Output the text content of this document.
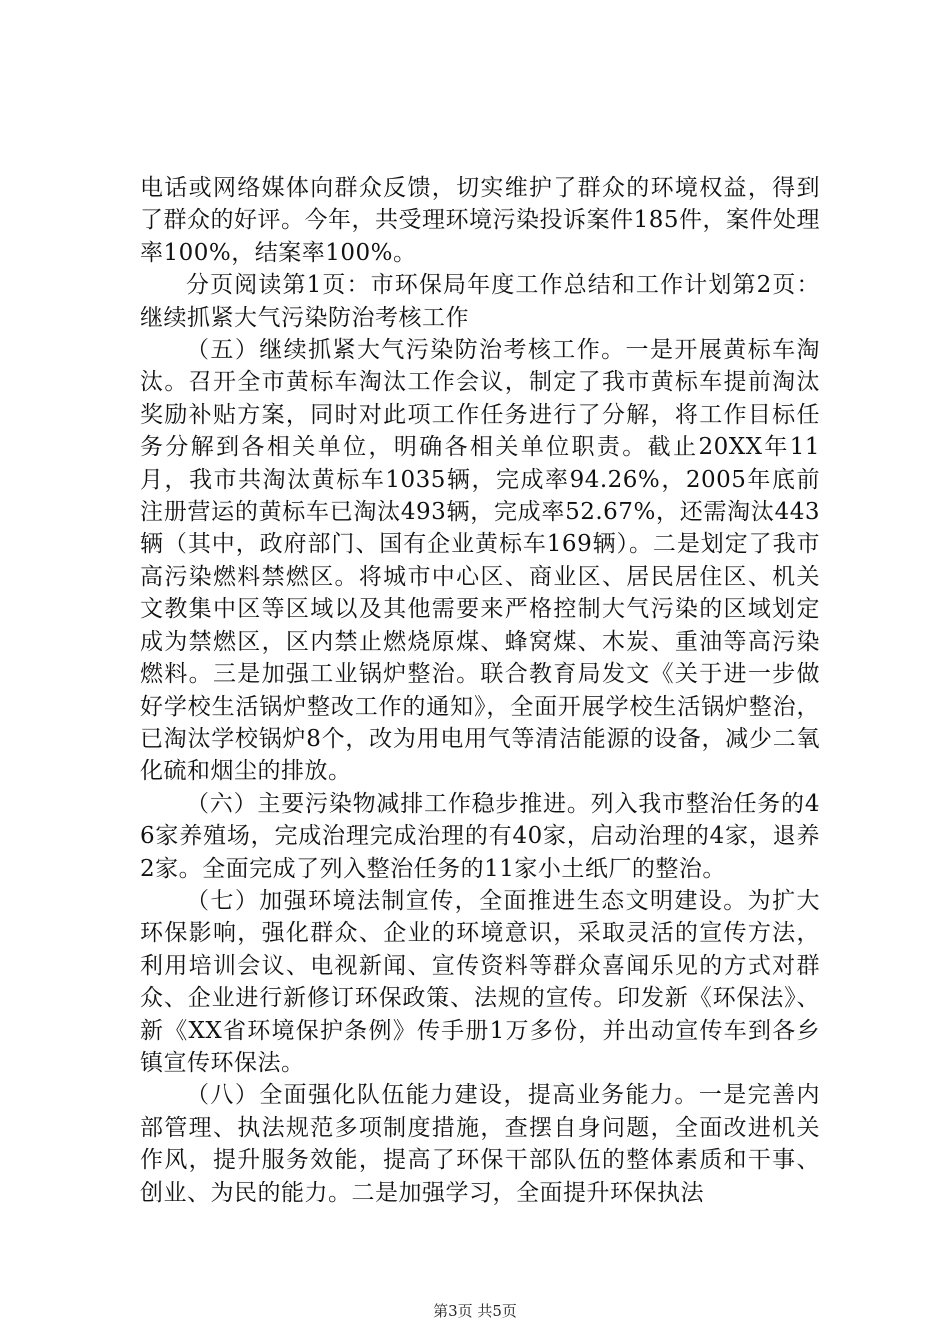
电话或网络媒体向群众反馈，切实维护了群众的环境权益，得到了群众的好评。今年，共受理环境污染投诉案件185件，案件处理率100%，结案率100%。

分页阅读第1页：市环保局年度工作总结和工作计划第2页：继续抓紧大气污染防治考核工作

（五）继续抓紧大气污染防治考核工作。一是开展黄标车淘汰。召开全市黄标车淘汰工作会议，制定了我市黄标车提前淘汰奖励补贴方案，同时对此项工作任务进行了分解，将工作目标任务分解到各相关单位，明确各相关单位职责。截止20XX年11月，我市共淘汰黄标车1035辆，完成率94.26%，2005年底前注册营运的黄标车已淘汰493辆，完成率52.67%，还需淘汰443辆（其中，政府部门、国有企业黄标车169辆）。二是划定了我市高污染燃料禁燃区。将城市中心区、商业区、居民居住区、机关文教集中区等区域以及其他需要来严格控制大气污染的区域划定成为禁燃区，区内禁止燃烧原煤、蜂窝煤、木炭、重油等高污染燃料。三是加强工业锅炉整治。联合教育局发文《关于进一步做好学校生活锅炉整改工作的通知》，全面开展学校生活锅炉整治，已淘汰学校锅炉8个，改为用电用气等清洁能源的设备，减少二氧化硫和烟尘的排放。

（六）主要污染物减排工作稳步推进。列入我市整治任务的46家养殖场，完成治理完成治理的有40家，启动治理的4家，退养2家。全面完成了列入整治任务的11家小土纸厂的整治。

（七）加强环境法制宣传，全面推进生态文明建设。为扩大环保影响，强化群众、企业的环境意识，采取灵活的宣传方法，利用培训会议、电视新闻、宣传资料等群众喜闻乐见的方式对群众、企业进行新修订环保政策、法规的宣传。印发新《环保法》、新《XX省环境保护条例》传手册1万多份，并出动宣传车到各乡镇宣传环保法。

（八）全面强化队伍能力建设，提高业务能力。一是完善内部管理、执法规范多项制度措施，查摆自身问题，全面改进机关作风，提升服务效能，提高了环保干部队伍的整体素质和干事、创业、为民的能力。二是加强学习，全面提升环保执法

第3页 共5页
